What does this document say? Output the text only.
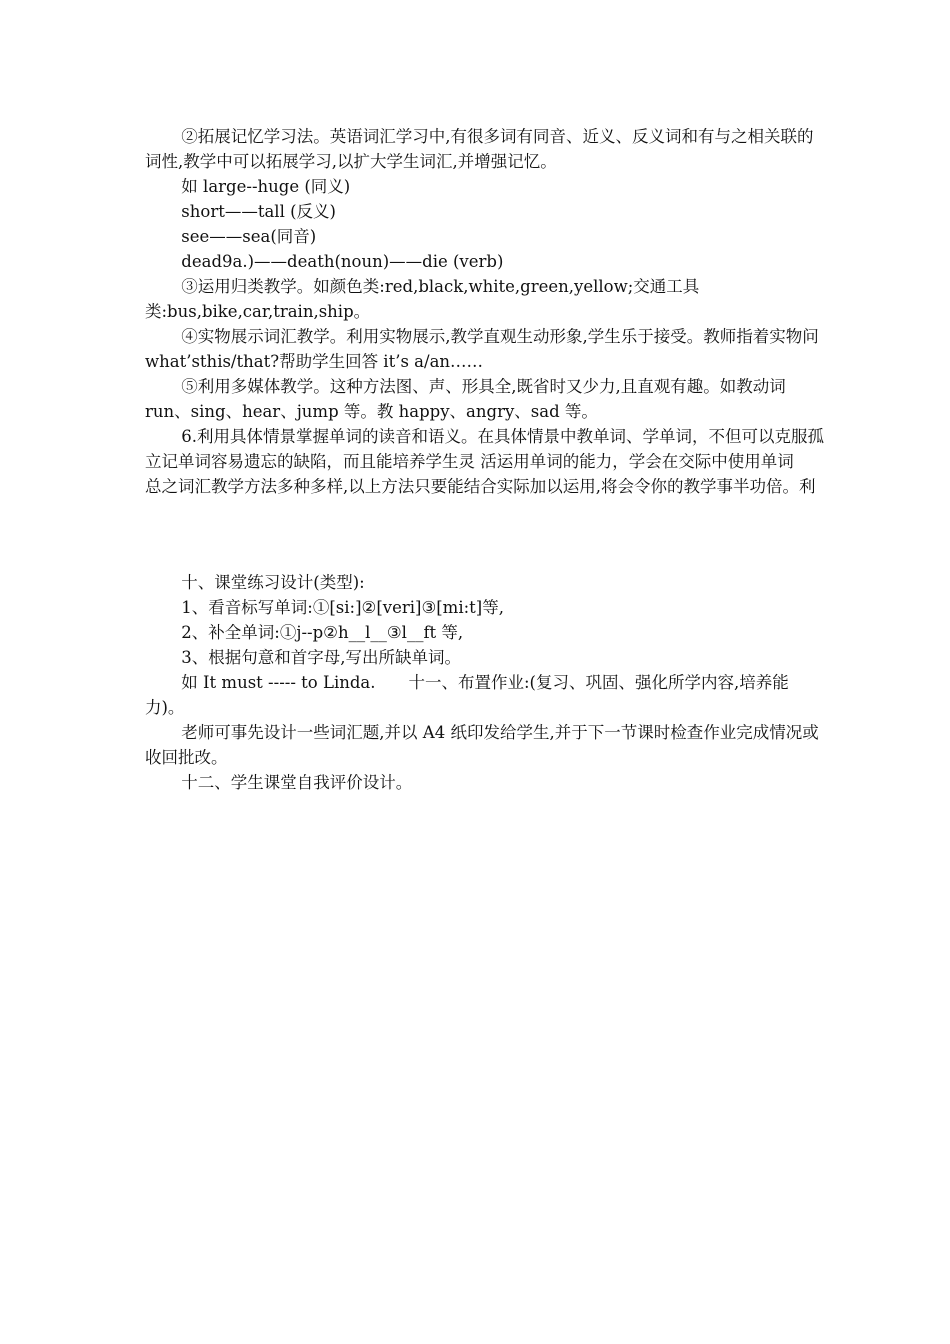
②拓展记忆学习法。英语词汇学习中,有很多词有同音、近义、反义词和有与之相关联的词性,教学中可以拓展学习,以扩大学生词汇,并增强记忆。

如 large--huge (同义)

short——tall (反义)

see——sea(同音)

dead9a.)——death(noun)——die (verb)

③运用归类教学。如颜色类:red,black,white,green,yellow;交通工具类:bus,bike,car,train,ship。

④实物展示词汇教学。利用实物展示,教学直观生动形象,学生乐于接受。教师指着实物问 what’sthis/that?帮助学生回答 it’s a/an……

⑤利用多媒体教学。这种方法图、声、形具全,既省时又少力,且直观有趣。如教动词 run、sing、hear、jump 等。教 happy、angry、sad 等。

6.利用具体情景掌握单词的读音和语义。在具体情景中教单词、学单词，不但可以克服孤立记单词容易遗忘的缺陷，而且能培养学生灵 活运用单词的能力，学会在交际中使用单词　总之词汇教学方法多种多样,以上方法只要能结合实际加以运用,将会令你的教学事半功倍。利

十、课堂练习设计(类型):

1、看音标写单词:①[si:]②[veri]③[mi:t]等,

2、补全单词:①j--p②h__l__③l__ft 等,

3、根据句意和首字母,写出所缺单词。

如 It must ----- to Linda.　　十一、布置作业:(复习、巩固、强化所学内容,培养能力)。

老师可事先设计一些词汇题,并以 A4 纸印发给学生,并于下一节课时检查作业完成情况或收回批改。

十二、学生课堂自我评价设计。
